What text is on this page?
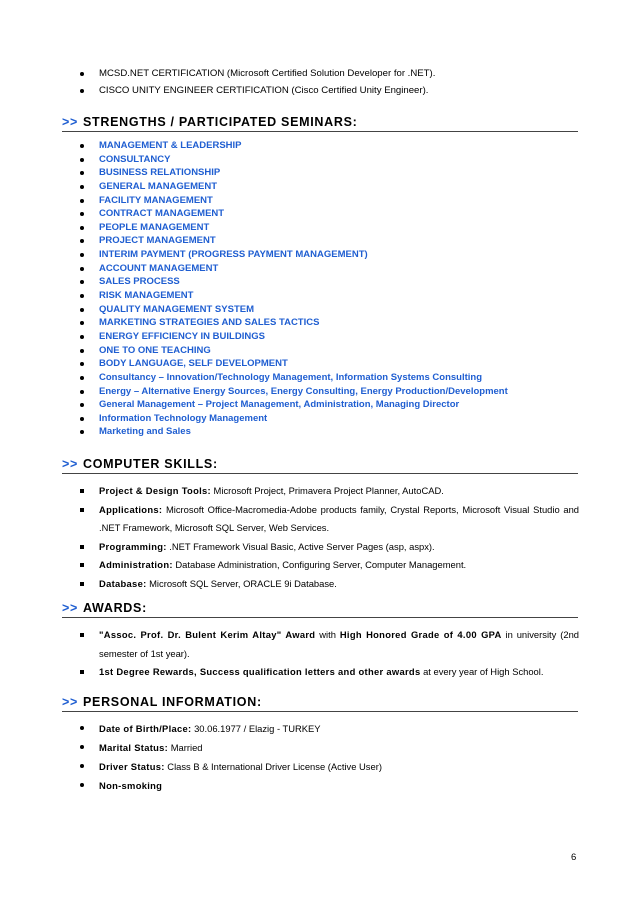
MCSD.NET CERTIFICATION (Microsoft Certified Solution Developer for .NET).
CISCO UNITY ENGINEER CERTIFICATION (Cisco Certified Unity Engineer).
>> STRENGTHS / PARTICIPATED SEMINARS:
MANAGEMENT & LEADERSHIP
CONSULTANCY
BUSINESS RELATIONSHIP
GENERAL MANAGEMENT
FACILITY MANAGEMENT
CONTRACT MANAGEMENT
PEOPLE MANAGEMENT
PROJECT MANAGEMENT
INTERIM PAYMENT (PROGRESS PAYMENT MANAGEMENT)
ACCOUNT MANAGEMENT
SALES PROCESS
RISK MANAGEMENT
QUALITY MANAGEMENT SYSTEM
MARKETING STRATEGIES AND SALES TACTICS
ENERGY EFFICIENCY IN BUILDINGS
ONE TO ONE TEACHING
BODY LANGUAGE, SELF DEVELOPMENT
Consultancy – Innovation/Technology Management, Information Systems Consulting
Energy – Alternative Energy Sources, Energy Consulting, Energy Production/Development
General Management – Project Management, Administration, Managing Director
Information Technology Management
Marketing and Sales
>> COMPUTER SKILLS:
Project & Design Tools: Microsoft Project, Primavera Project Planner, AutoCAD.
Applications: Microsoft Office-Macromedia-Adobe products family, Crystal Reports, Microsoft Visual Studio and .NET Framework, Microsoft SQL Server, Web Services.
Programming: .NET Framework Visual Basic, Active Server Pages (asp, aspx).
Administration: Database Administration, Configuring Server, Computer Management.
Database: Microsoft SQL Server, ORACLE 9i Database.
>> AWARDS:
"Assoc. Prof. Dr. Bulent Kerim Altay" Award with High Honored Grade of 4.00 GPA in university (2nd semester of 1st year).
1st Degree Rewards, Success qualification letters and other awards at every year of High School.
>> PERSONAL INFORMATION:
Date of Birth/Place: 30.06.1977 / Elazig - TURKEY
Marital Status: Married
Driver Status: Class B & International Driver License (Active User)
Non-smoking
6
